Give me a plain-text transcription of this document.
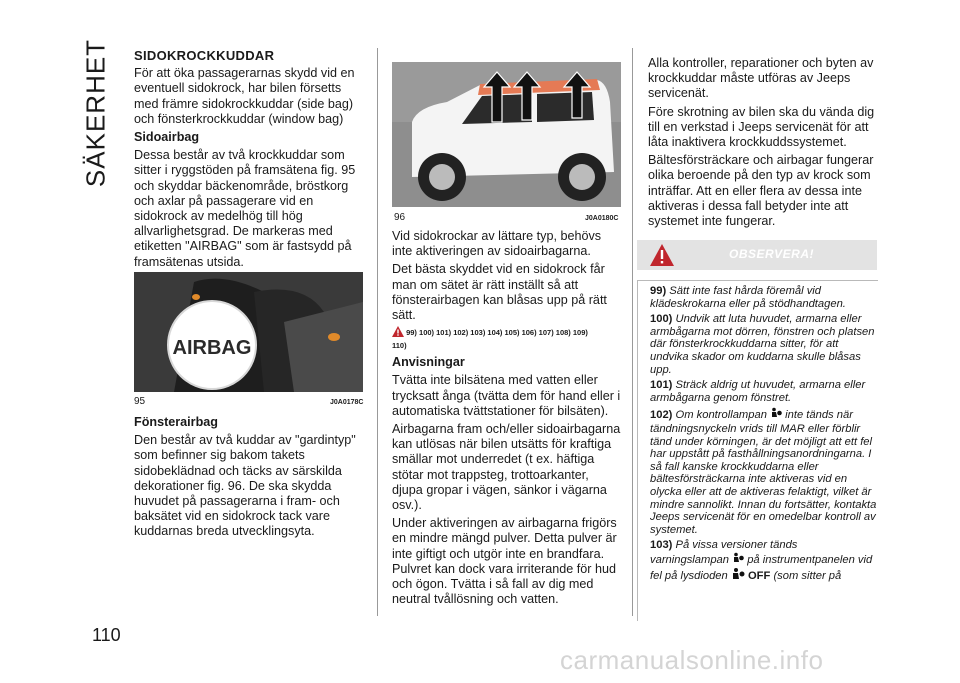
SÄKERHET
110

SIDOKROCKKUDDAR

För att öka passagerarnas skydd vid en eventuell sidokrock, har bilen försetts med främre sidokrockkuddar (side bag) och fönsterkrockkuddar (window bag)

Sidoairbag

Dessa består av två krockkuddar som sitter i ryggstöden på framsätena fig. 95 och skyddar bäckenområde, bröstkorg och axlar på passagerare vid en sidokrock av medelhög till hög allvarlighetsgrad. De markeras med etiketten "AIRBAG" som är fastsydd på framsätenas utsida.

AIRBAG
95	J0A0178C

Fönsterairbag

Den består av två kuddar av "gardintyp" som befinner sig bakom takets sidobeklädnad och täcks av särskilda dekorationer fig. 96. De ska skydda huvudet på passagerarna i fram- och baksätet vid en sidokrock tack vare kuddarnas breda utvecklingsyta.

96	J0A0180C

Vid sidokrockar av lättare typ, behövs inte aktiveringen av sidoairbagarna.

Det bästa skyddet vid en sidokrock får man om sätet är rätt inställt så att fönsterairbagen kan blåsas upp på rätt sätt.

99) 100) 101) 102) 103) 104) 105) 106) 107) 108) 109)
110)

Anvisningar

Tvätta inte bilsätena med vatten eller trycksatt ånga (tvätta dem för hand eller i automatiska tvättstationer för bilsäten).

Airbagarna fram och/eller sidoairbagarna kan utlösas när bilen utsätts för kraftiga smällar mot underredet (t ex. häftiga stötar mot trappsteg, trottoarkanter, djupa gropar i vägen, sänkor i vägarna osv.).

Under aktiveringen av airbagarna frigörs en mindre mängd pulver. Detta pulver är inte giftigt och utgör inte en brandfara. Pulvret kan dock vara irriterande för hud och ögon. Tvätta i så fall av dig med neutral tvållösning och vatten.

Alla kontroller, reparationer och byten av krockkuddar måste utföras av Jeeps servicenät.

Före skrotning av bilen ska du vända dig till en verkstad i Jeeps servicenät för att låta inaktivera krockkuddssystemet.

Bältesförsträckare och airbagar fungerar olika beroende på den typ av krock som inträffar. Att en eller flera av dessa inte aktiveras i dessa fall betyder inte att systemet inte fungerar.

OBSERVERA!

99) Sätt inte fast hårda föremål vid klädeskrokarna eller på stödhandtagen.

100) Undvik att luta huvudet, armarna eller armbågarna mot dörren, fönstren och platsen där fönsterkrockkuddarna sitter, för att undvika skador om kuddarna skulle blåsas upp.

101) Sträck aldrig ut huvudet, armarna eller armbågarna genom fönstret.

102) Om kontrollampan inte tänds när tändningsnyckeln vrids till MAR eller förblir tänd under körningen, är det möjligt att ett fel har uppstått på fasthållningsanordningarna. I så fall kanske krockkuddarna eller bältesförsträckarna inte aktiveras vid en olycka eller att de aktiveras felaktigt, vilket är mindre sannolikt. Innan du fortsätter, kontakta Jeeps servicenät för en omedelbar kontroll av systemet.

103) På vissa versioner tänds varningslampan på instrumentpanelen vid fel på lysdioden OFF (som sitter på

carmanualsonline.info
